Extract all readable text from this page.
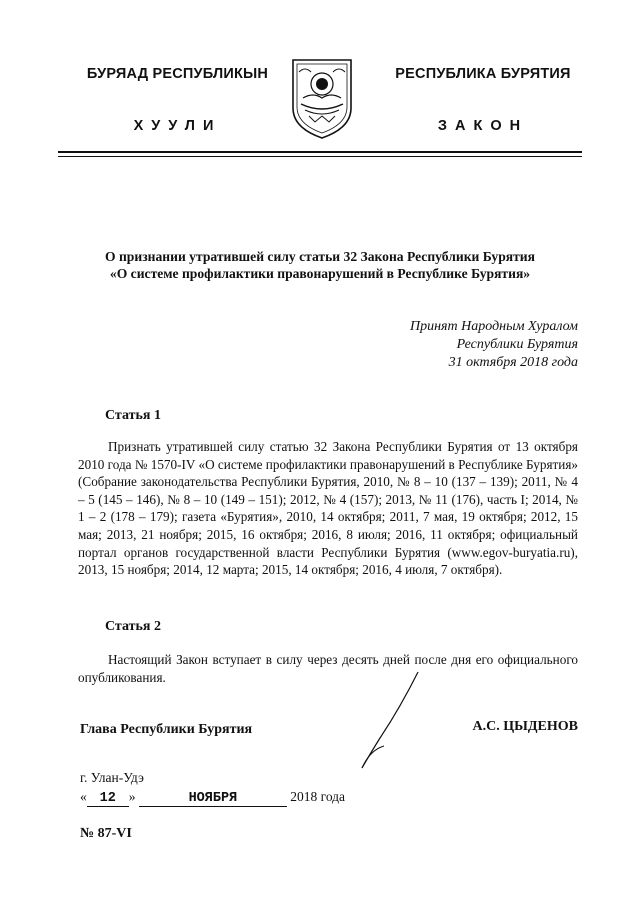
БУРЯАД РЕСПУБЛИКЫН	РЕСПУБЛИКА БУРЯТИЯ
ХУУЛИ	ЗАКОН
О признании утратившей силу статьи 32 Закона Республики Бурятия
«О системе профилактики правонарушений в Республике Бурятия»
Принят Народным Хуралом
Республики Бурятия
31 октября 2018 года
Статья 1
Признать утратившей силу статью 32 Закона Республики Бурятия от 13 октября 2010 года № 1570-IV «О системе профилактики правонарушений в Республике Бурятия» (Собрание законодательства Республики Бурятия, 2010, № 8 – 10 (137 – 139); 2011, № 4 – 5 (145 – 146), № 8 – 10 (149 – 151); 2012, № 4 (157); 2013, № 11 (176), часть I; 2014, № 1 – 2 (178 – 179); газета «Бурятия», 2010, 14 октября; 2011, 7 мая, 19 октября; 2012, 15 мая; 2013, 21 ноября; 2015, 16 октября; 2016, 8 июля; 2016, 11 октября; официальный портал органов государственной власти Республики Бурятия (www.egov-buryatia.ru), 2013, 15 ноября; 2014, 12 марта; 2015, 14 октября; 2016, 4 июля, 7 октября).
Статья 2
Настоящий Закон вступает в силу через десять дней после дня его официального опубликования.
Глава Республики Бурятия	А.С. ЦЫДЕНОВ
г. Улан-Удэ
« 12 »	НОЯБРЯ	2018 года
№ 87-VI
